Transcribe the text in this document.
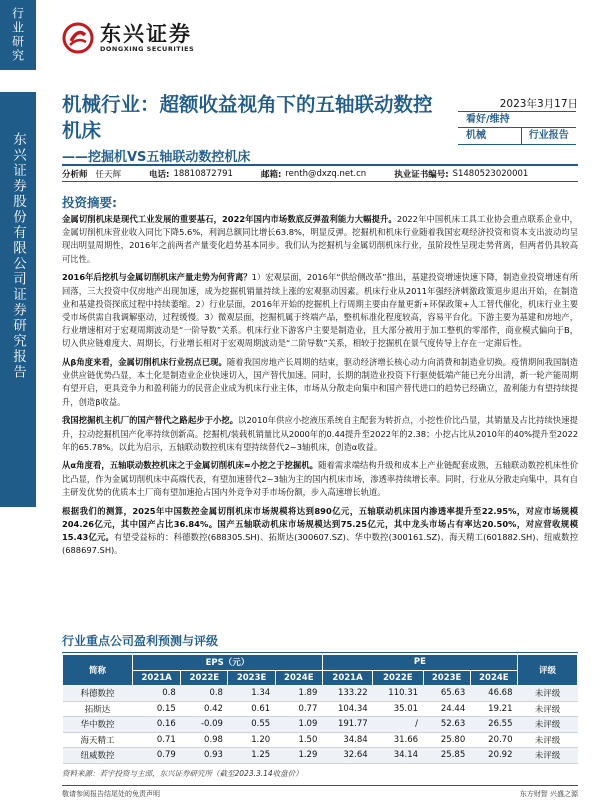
行业研究
东兴证券股份有限公司证券研究报告
东兴证券
DONGXING SECURITIES
机械行业：超额收益视角下的五轴联动数控机床
——挖掘机VS五轴联动数控机床
2023年3月17日
看好/维持
机械	行业报告
分析师 任天辉	电话: 18810872791	邮箱: renth@dxzq.net.cn	执业证书编号: S1480523020001
投资摘要:

金属切削机床是现代工业发展的重要基石，2022年国内市场数底反弹盈利能力大幅提升。2022年中国机床工具工业协会重点联系企业中，金属切削机床营业收入同比下降5.6%，利润总额同比增长63.8%，明显反弹。挖掘机和机床行业随着我国宏观经济投资和资本支出波动均呈现出明显周期性，2016年之前两者产量变化趋势基本同步。我们认为挖掘机与金属切削机床行业，虽阶段性呈现走势背离，但两者仍具较高可比性。

2016年后挖机与金属切削机床产量走势为何背离？1）宏观层面，2016年“供给侧改革”推出，基建投资增速快速下降，制造业投资增速有所回落，三大投资中仅房地产出现加速，成为挖掘机销量持续上涨的宏观驱动因素。机床行业从2011年强经济刺激政策退步退出开始，在制造业和基建投资探底过程中持续萎缩。2）行业层面，2016年开始的挖掘机上行周期主要由存量更新+环保政策+人工替代催化，机床行业主要受市场供需自我调解驱动，过程缓慢。3）微观层面，挖掘机属于终端产品，整机标准化程度较高，容易平台化。下游主要为基建和房地产，行业增速相对于宏观周期波动是“一阶导数”关系。机床行业下游客户主要是制造业，且大部分被用于加工整机的零部件，商业模式偏向于B，切入供应链难度大、周期长，行业增长相对于宏观周期波动是“二阶导数”关系，相较于挖掘机在景气度传导上存在一定滞后性。

从β角度来看，金属切削机床行业拐点已现。随着我国房地产长周期的结束，驱动经济增长核心动力向消费和制造业切换。疫情期间我国制造业供应链优势凸显，本土化是制造业企业快速切入，国产替代加速。同时，长期的制造业投资下行驱使低端产能已充分出清，新一轮产能周期有望开启，更具竞争力和盈利能力的民营企业成为机床行业主体，市场从分散走向集中和国产替代进口的趋势已经确立，盈利能力有望持续提升，创造β收益。

我国挖掘机主机厂的国产替代之路起步于小挖。以2010年供应小挖液压系统自主配套为转折点，小挖性价比凸显，其销量及占比持续快速提升，拉动挖掘机国产化率持续创新高。挖掘机/装载机销量比从2000年的0.44提升至2022年的2.38；小挖占比从2010年的40%提升至2022年的65.78%。以此为启示，五轴联动数控机床有望持续替代2~3轴机床，创造α收益。

从α角度看，五轴联动数控机床之于金属切削机床≈小挖之于挖掘机。随着需求端结构升级和成本上产业链配套成熟，五轴联动数控机床性价比凸显，作为金属切削机床中高端代表，有望加速替代2~3轴为主的国内机床市场，渗透率持续增长率。同时，行业从分散走向集中，具有自主研发优势的优质本土厂商有望加速抢占国内外竞争对手市场份额，步入高速增长轨道。

根据我们的测算，2025年中国数控金属切削机床市场规模将达到890亿元，五轴联动机床国内渗透率提升至22.95%，对应市场规模204.26亿元，其中国产占比36.84%。国产五轴联动机床市场规模达到75.25亿元，其中龙头市场占有率达20.50%，对应营收规模15.43亿元。有望受益标的：科德数控(688305.SH)、拓斯达(300607.SZ)、华中数控(300161.SZ)、海天精工(601882.SH)、纽威数控(688697.SH)。

行业重点公司盈利预测与评级
简称	EPS（元）				PE				评级
	2021A	2022E	2023E	2024E	2021A	2022E	2023E	2024E	
科德数控	0.8	0.8	1.34	1.89	133.22	110.31	65.63	46.68	未评级
拓斯达	0.15	0.42	0.61	0.77	104.34	35.01	24.44	19.21	未评级
华中数控	0.16	-0.09	0.55	1.09	191.77	/	52.63	26.55	未评级
海天精工	0.71	0.98	1.20	1.50	34.84	31.66	25.80	20.70	未评级
纽威数控	0.79	0.93	1.25	1.29	32.64	34.14	25.85	20.92	未评级
资料来源：若宇投资与主部，东兴证券研究所（截至2023.3.14收盘价）
敬请参阅报告结尾处的免责声明	东方财智 兴盛之源
